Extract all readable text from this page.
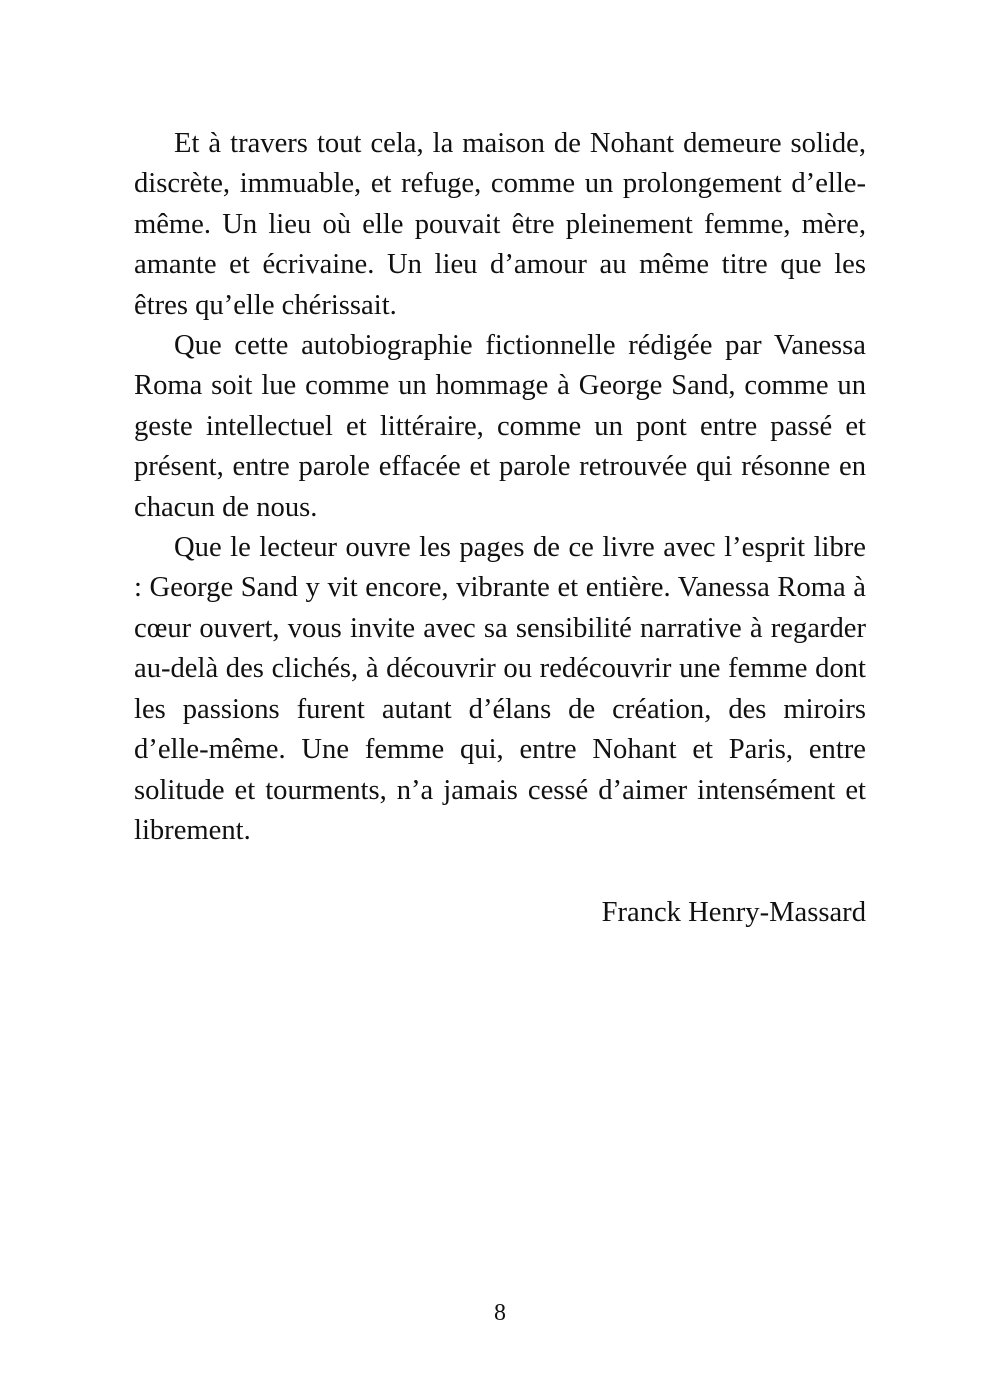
Et à travers tout cela, la maison de Nohant demeure solide, discrète, immuable, et refuge, comme un prolongement d’elle-même. Un lieu où elle pouvait être pleinement femme, mère, amante et écrivaine. Un lieu d’amour au même titre que les êtres qu’elle chérissait.

Que cette autobiographie fictionnelle rédigée par Vanessa Roma soit lue comme un hommage à George Sand, comme un geste intellectuel et littéraire, comme un pont entre passé et présent, entre parole effacée et parole retrouvée qui résonne en chacun de nous.

Que le lecteur ouvre les pages de ce livre avec l’esprit libre : George Sand y vit encore, vibrante et entière. Vanessa Roma à cœur ouvert, vous invite avec sa sensibilité narrative à regarder au-delà des clichés, à découvrir ou redécouvrir une femme dont les passions furent autant d’élans de création, des miroirs d’elle-même. Une femme qui, entre Nohant et Paris, entre solitude et tourments, n’a jamais cessé d’aimer intensément et librement.

Franck Henry-Massard

8
